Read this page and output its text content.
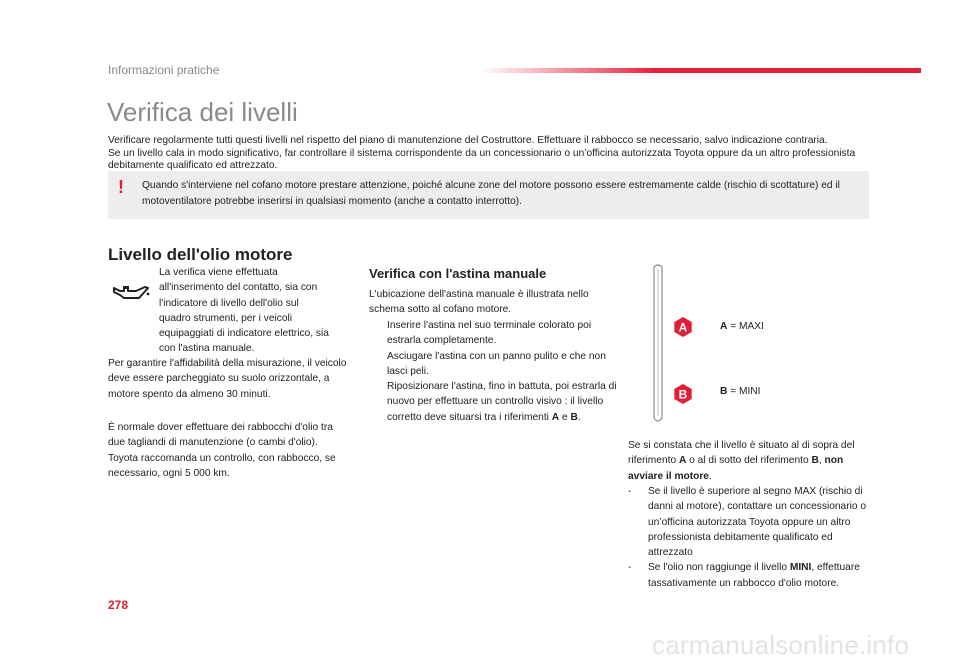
Informazioni pratiche
Verifica dei livelli

Verificare regolarmente tutti questi livelli nel rispetto del piano di manutenzione del Costruttore. Effettuare il rabbocco se necessario, salvo indicazione contraria.

Se un livello cala in modo significativo, far controllare il sistema corrispondente da un concessionario o un’officina autorizzata Toyota oppure da un altro professionista debitamente qualificato ed attrezzato.

! Quando s'interviene nel cofano motore prestare attenzione, poiché alcune zone del motore possono essere estremamente calde (rischio di scottature) ed il motoventilatore potrebbe inserirsi in qualsiasi momento (anche a contatto interrotto).
Livello dell'olio motore
La verifica viene effettuata all'inserimento del contatto, sia con l'indicatore di livello dell'olio sul quadro strumenti, per i veicoli equipaggiati di indicatore elettrico, sia con l'astina manuale.
Per garantire l'affidabilità della misurazione, il veicolo deve essere parcheggiato su suolo orizzontale, a motore spento da almeno 30 minuti.
È normale dover effettuare dei rabbocchi d'olio tra due tagliandi di manutenzione (o cambi d'olio). Toyota raccomanda un controllo, con rabbocco, se necessario, ogni 5 000 km.
Verifica con l'astina manuale
L'ubicazione dell'astina manuale è illustrata nello schema sotto al cofano motore.
Inserire l'astina nel suo terminale colorato poi estrarla completamente.
Asciugare l'astina con un panno pulito e che non lasci peli.
Riposizionare l'astina, fino in battuta, poi estrarla di nuovo per effettuare un controllo visivo : il livello corretto deve situarsi tra i riferimenti A e B.
A
B
A = MAXI
B = MINI
Se si constata che il livello è situato al di sopra del riferimento A o al di sotto del riferimento B, non avviare il motore.
- Se il livello è superiore al segno MAX (rischio di danni al motore), contattare un concessionario o un’officina autorizzata Toyota oppure un altro professionista debitamente qualificato ed attrezzato
- Se l'olio non raggiunge il livello MINI, effettuare tassativamente un rabbocco d'olio motore.
278
carmanualsonline.info
